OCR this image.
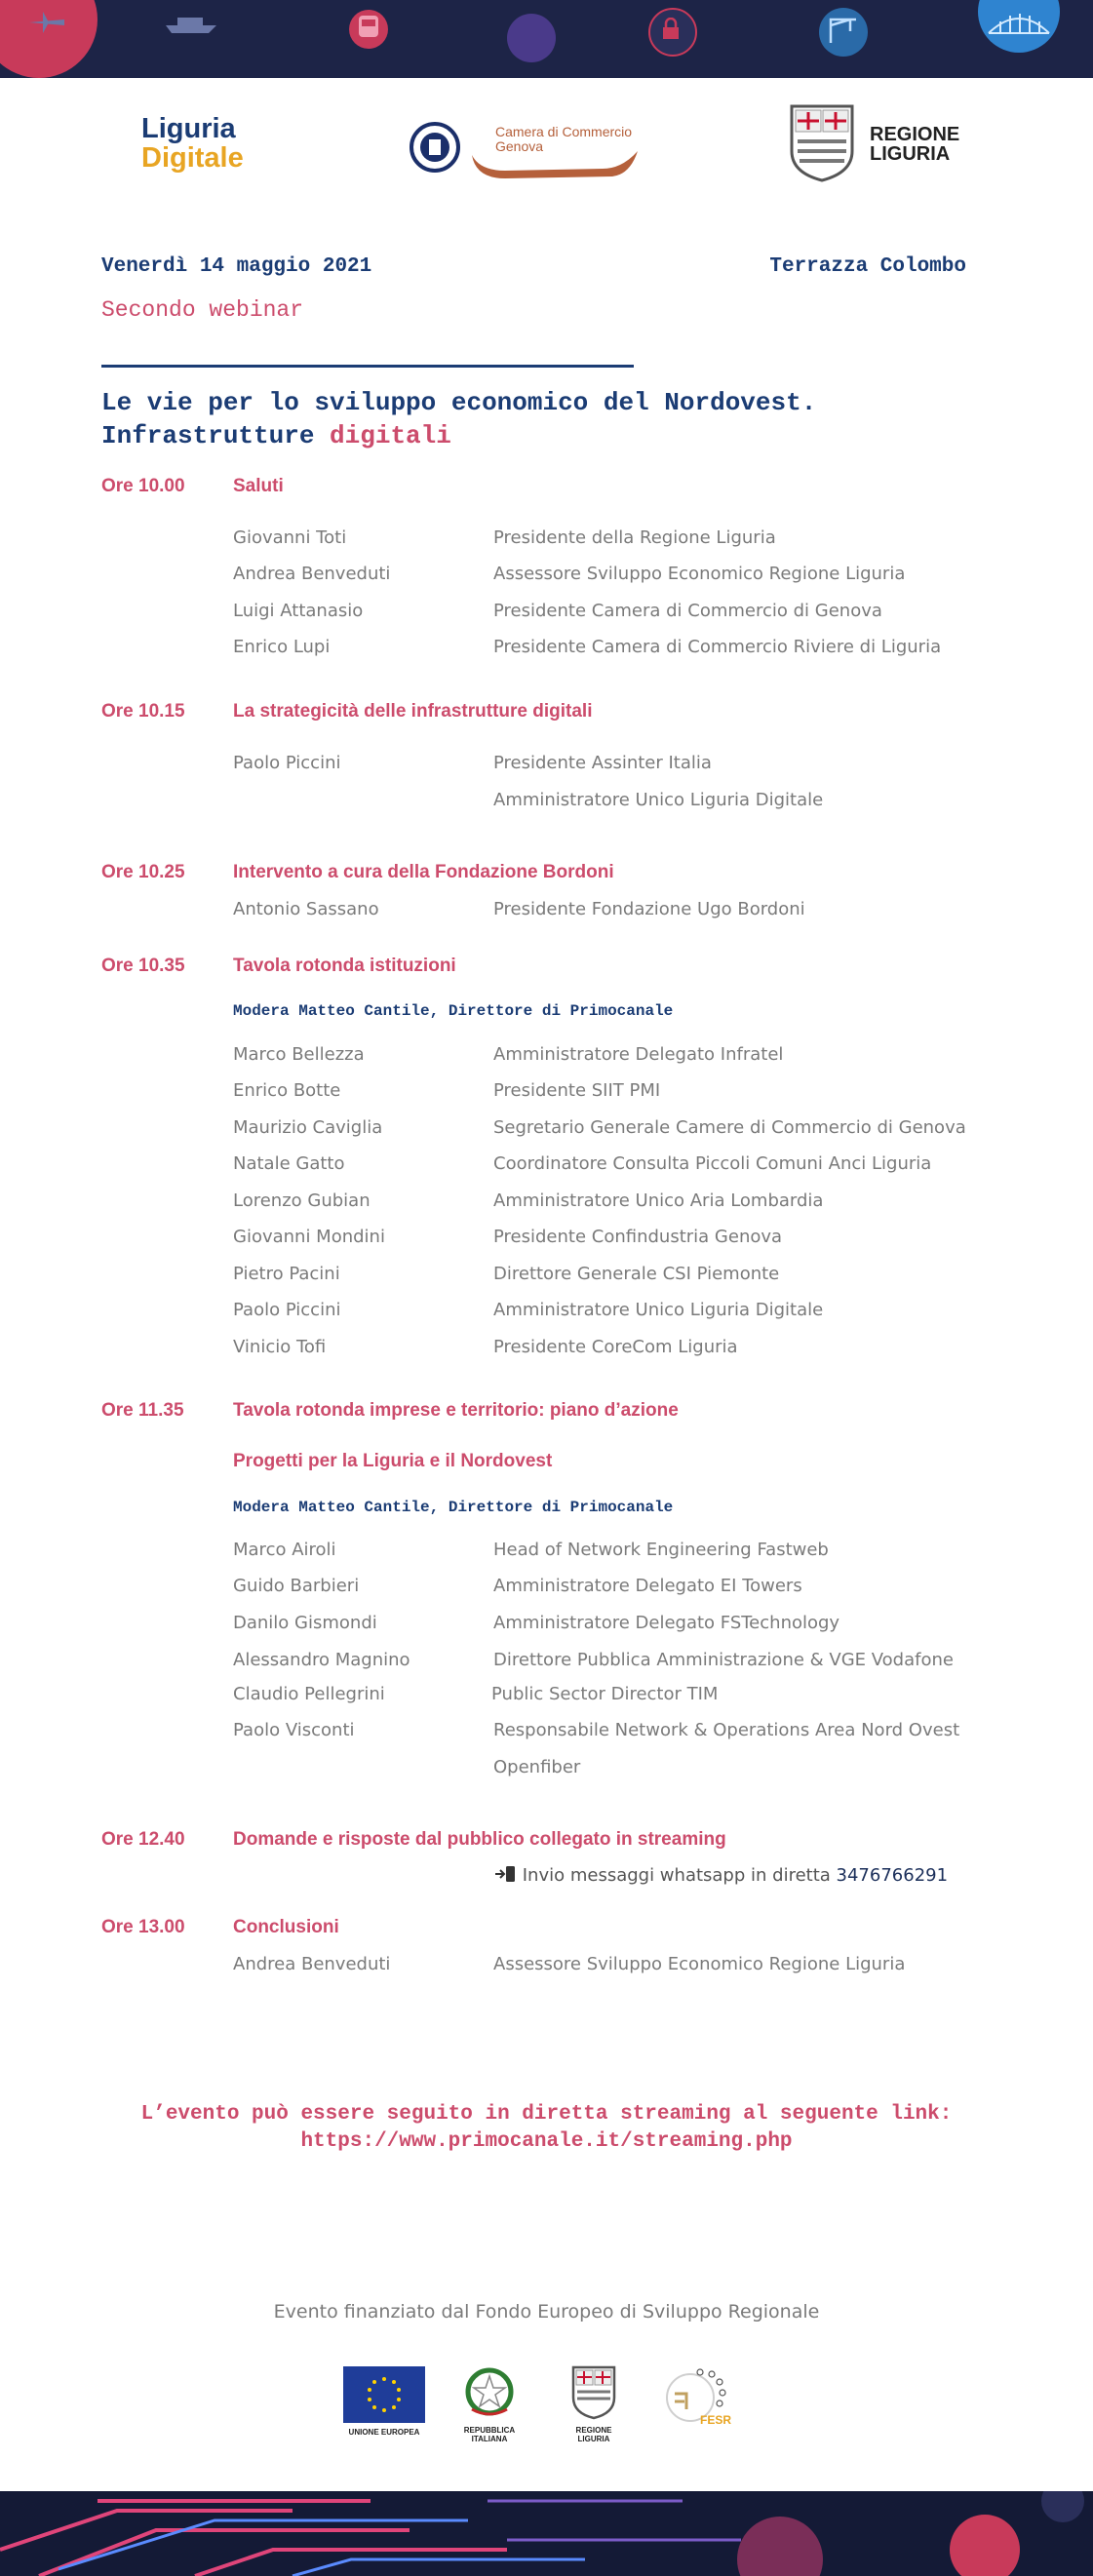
Liguria
Digitale
Camera di Commercio
Genova
REGIONE
LIGURIA
Venerdì 14 maggio 2021	Terrazza Colombo
Secondo webinar
Le vie per lo sviluppo economico del Nordovest.
Infrastrutture digitali
Ore 10.00	Saluti
Giovanni Toti	Presidente della Regione Liguria
Andrea Benveduti	Assessore Sviluppo Economico Regione Liguria
Luigi Attanasio	Presidente Camera di Commercio di Genova
Enrico Lupi	Presidente Camera di Commercio Riviere di Liguria
Ore 10.15	La strategicità delle infrastrutture digitali
Paolo Piccini	Presidente Assinter Italia
Amministratore Unico Liguria Digitale
Ore 10.25	Intervento a cura della Fondazione Bordoni
Antonio Sassano	Presidente Fondazione Ugo Bordoni
Ore 10.35	Tavola rotonda istituzioni
Modera Matteo Cantile, Direttore di Primocanale
Marco Bellezza	Amministratore Delegato Infratel
Enrico Botte	Presidente SIIT PMI
Maurizio Caviglia	Segretario Generale Camere di Commercio di Genova
Natale Gatto	Coordinatore Consulta Piccoli Comuni Anci Liguria
Lorenzo Gubian	Amministratore Unico Aria Lombardia
Giovanni Mondini	Presidente Confindustria Genova
Pietro Pacini	Direttore Generale CSI Piemonte
Paolo Piccini	Amministratore Unico Liguria Digitale
Vinicio Tofi	Presidente CoreCom Liguria
Ore 11.35	Tavola rotonda imprese e territorio: piano d’azione
Progetti per la Liguria e il Nordovest
Modera Matteo Cantile, Direttore di Primocanale
Marco Airoli	Head of Network Engineering Fastweb
Guido Barbieri	Amministratore Delegato EI Towers
Danilo Gismondi	Amministratore Delegato FSTechnology
Alessandro Magnino	Direttore Pubblica Amministrazione & VGE Vodafone
Claudio Pellegrini	Public Sector Director TIM
Paolo Visconti	Responsabile Network & Operations Area Nord Ovest
Openfiber
Ore 12.40	Domande e risposte dal pubblico collegato in streaming
Invio messaggi whatsapp in diretta 3476766291
Ore 13.00	Conclusioni
Andrea Benveduti	Assessore Sviluppo Economico Regione Liguria
L’evento può essere seguito in diretta streaming al seguente link:
https://www.primocanale.it/streaming.php
Evento finanziato dal Fondo Europeo di Sviluppo Regionale
UNIONE EUROPEA	REPUBBLICA ITALIANA
REGIONE LIGURIA
FESR
